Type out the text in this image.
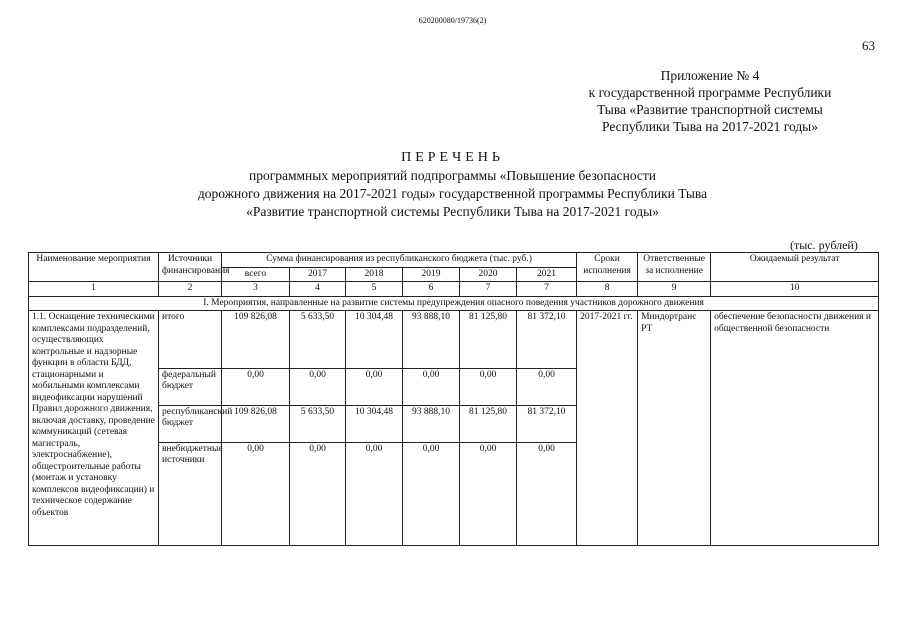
620200080/19736(2)
63
Приложение № 4
к государственной программе Республики
Тыва «Развитие транспортной системы
Республики Тыва на 2017-2021 годы»
ПЕРЕЧЕНЬ
программных мероприятий подпрограммы «Повышение безопасности
дорожного движения на 2017-2021 годы» государственной программы Республики Тыва
«Развитие транспортной системы Республики Тыва на 2017-2021 годы»
(тыс. рублей)
Наименование мероприятия	Источники финансирования	Сумма финансирования из республиканского бюджета (тыс. руб.)						Сроки исполнения	Ответственные за исполнение	Ожидаемый результат
		всего	2017	2018	2019	2020	2021			
1	2	3	4	5	6	7	7	8	9	10
I. Мероприятия, направленные на развитие системы предупреждения опасного поведения участников дорожного движения										
1.1. Оснащение техническими комплексами подразделений, осуществляющих контрольные и надзорные функции в области БДД, стационарными и мобильными комплексами видеофиксации нарушений Правил дорожного движения, включая доставку, проведение коммуникаций (сетевая магистраль, электроснабжение), общестроительные работы (монтаж и установку комплексов видеофиксации) и техническое содержание объектов	итого	109 826,08	5 633,50	10 304,48	93 888,10	81 125,80	81 372,10	2017-2021 гг.	Миндортранс РТ	обеспечение безопасности движения и общественной безопасности
	федеральный бюджет	0,00	0,00	0,00	0,00	0,00	0,00			
	республиканский бюджет	109 826,08	5 633,50	10 304,48	93 888,10	81 125,80	81 372,10			
	внебюджетные источники	0,00	0,00	0,00	0,00	0,00	0,00			
